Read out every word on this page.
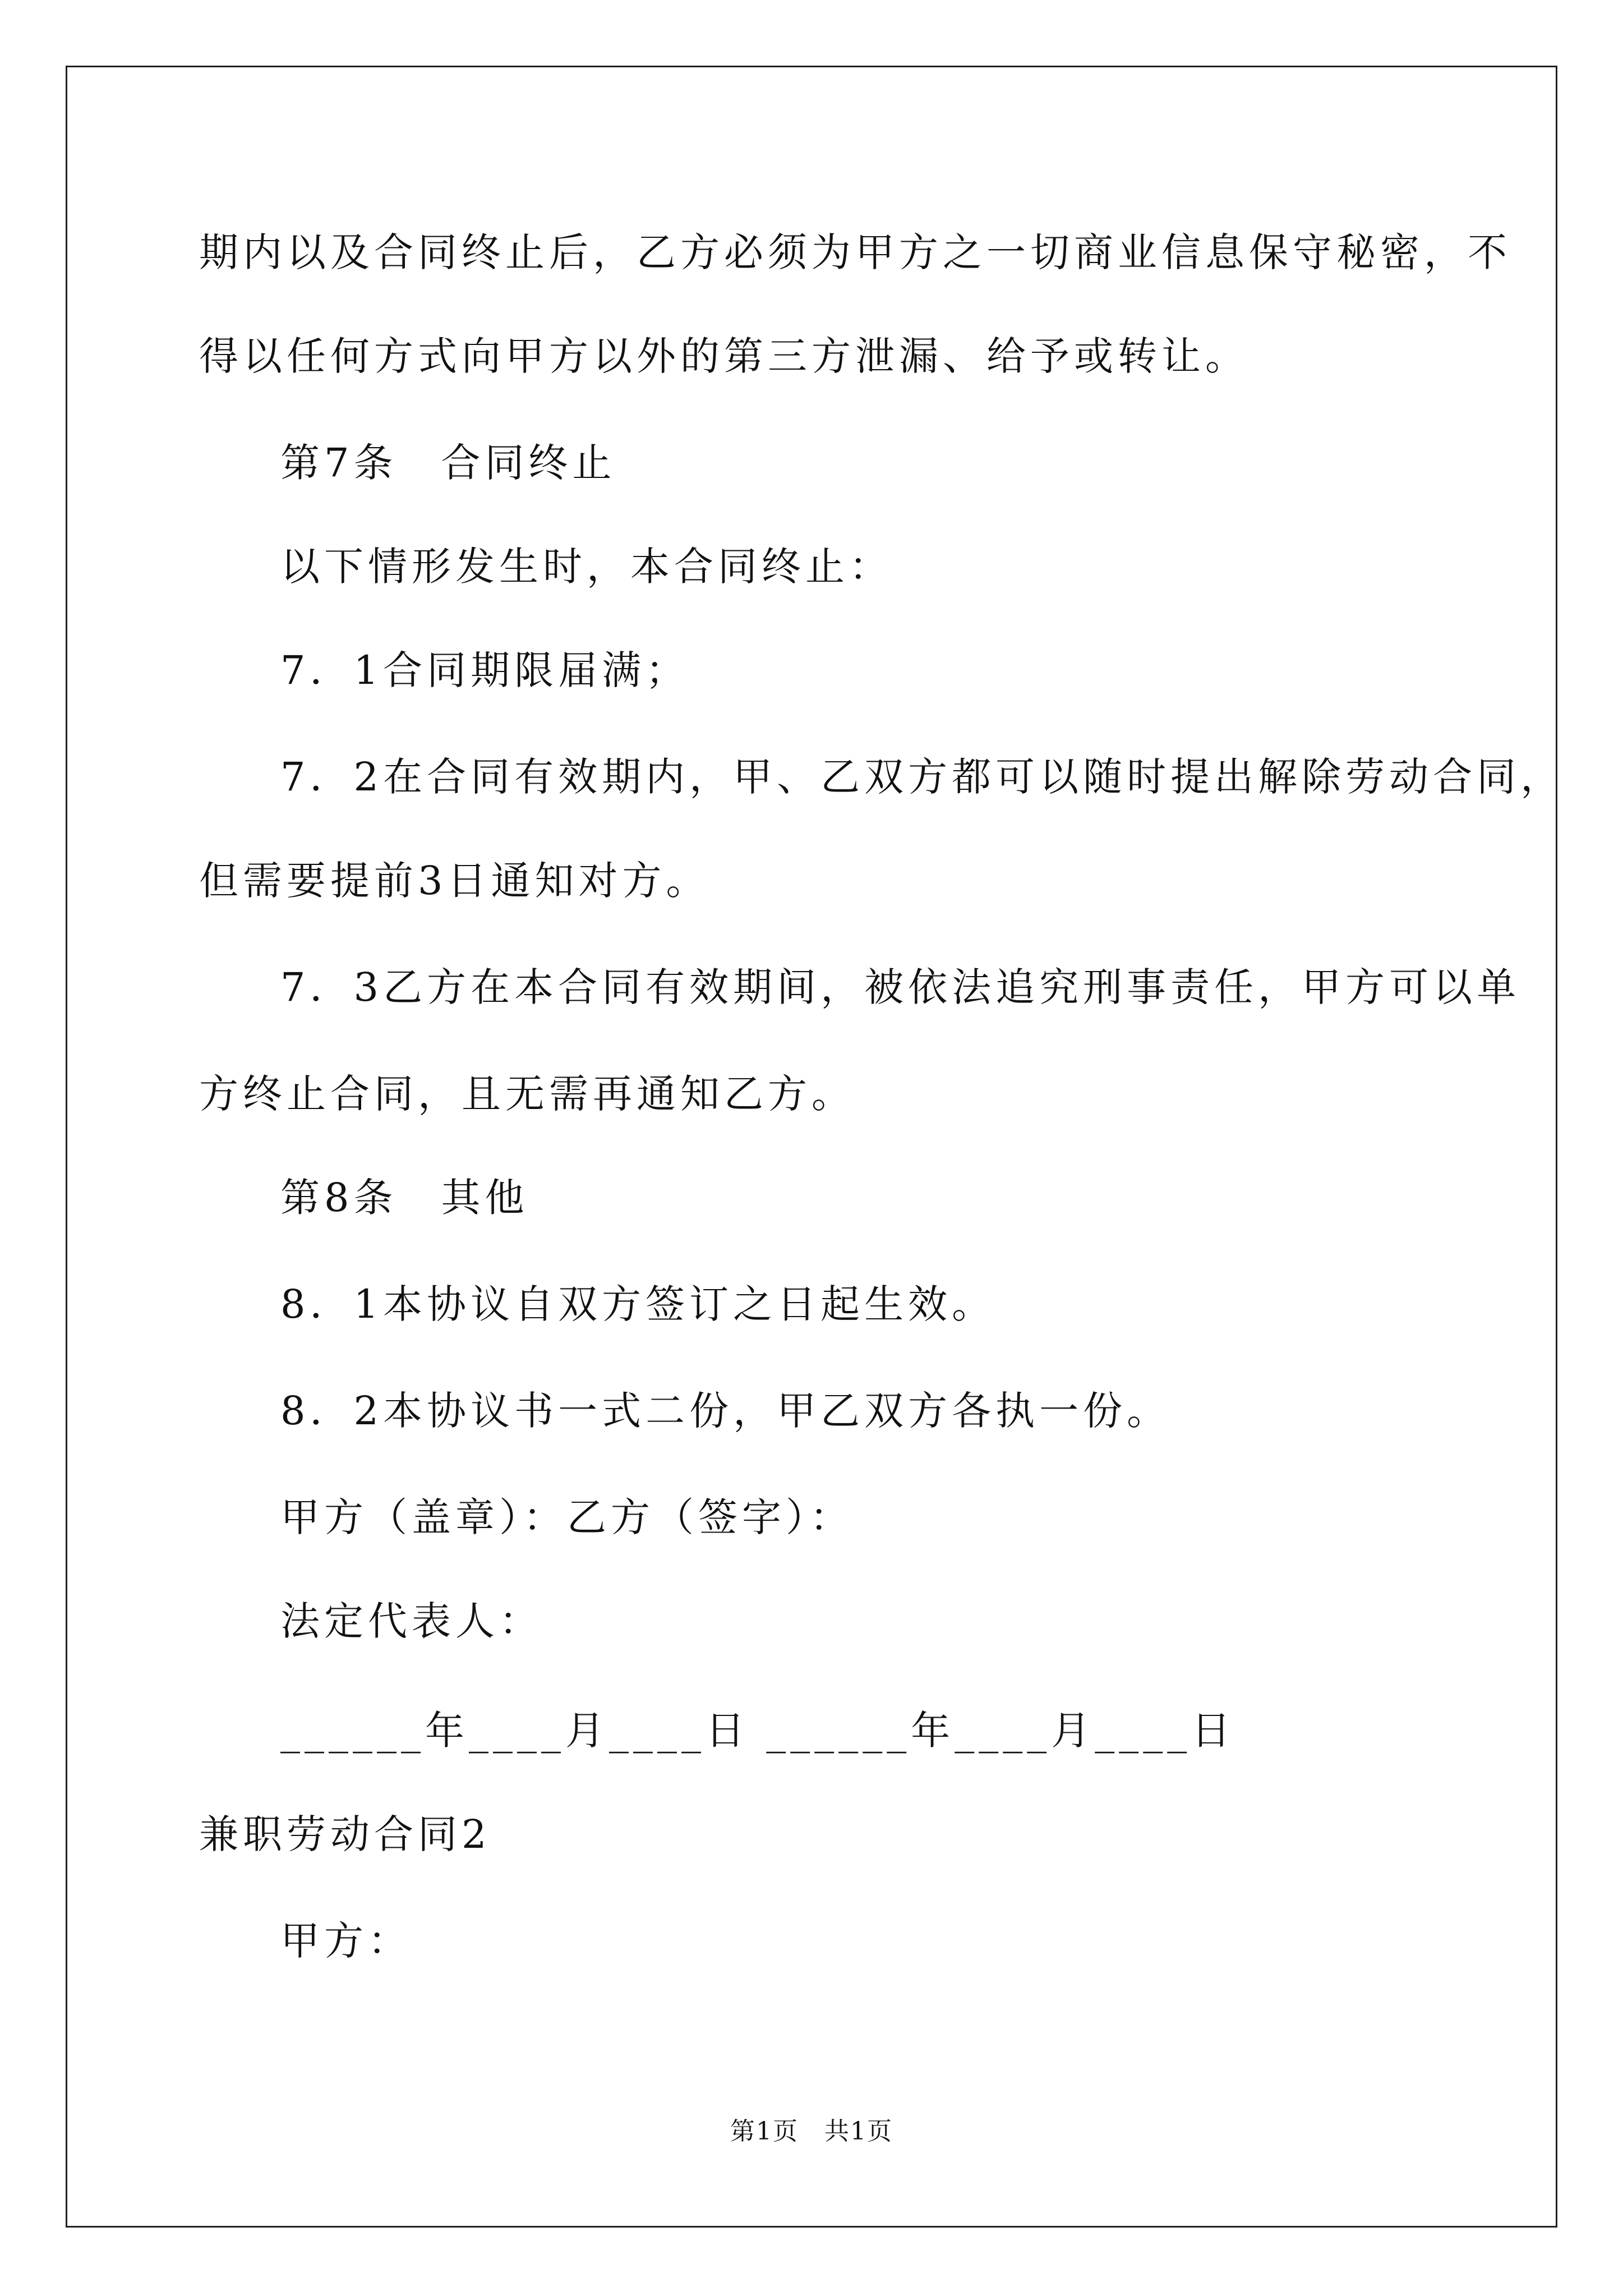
期内以及合同终止后，乙方必须为甲方之一切商业信息保守秘密，不
得以任何方式向甲方以外的第三方泄漏、给予或转让。
第7条　合同终止
以下情形发生时，本合同终止：
7．1合同期限届满；
7．2在合同有效期内，甲、乙双方都可以随时提出解除劳动合同，
但需要提前3日通知对方。
7．3乙方在本合同有效期间，被依法追究刑事责任，甲方可以单
方终止合同，且无需再通知乙方。
第8条　其他
8．1本协议自双方签订之日起生效。
8．2本协议书一式二份，甲乙双方各执一份。
甲方（盖章）：乙方（签字）：
法定代表人：
______年____月____日 ______年____月____日
兼职劳动合同2
甲方：
第1页　共1页
